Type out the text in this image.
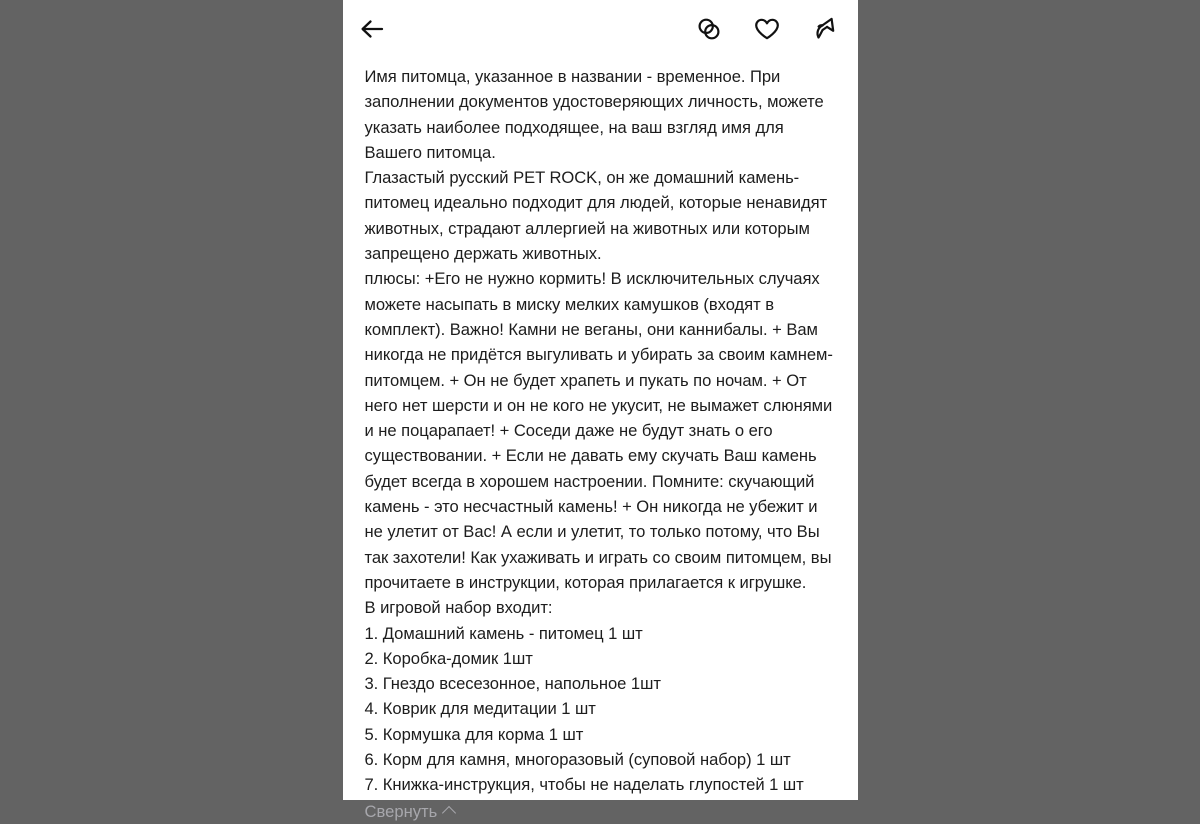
Имя питомца, указанное в названии - временное. При заполнении документов удостоверяющих личность, можете указать наиболее подходящее, на ваш взгляд имя для Вашего питомца.

Глазастый русский PET ROCK, он же домашний камень-питомец идеально подходит для людей, которые ненавидят животных, страдают аллергией на животных или которым запрещено держать животных.

плюсы: +Его не нужно кормить! В исключительных случаях можете насыпать в миску мелких камушков (входят в комплект). Важно! Камни не веганы, они каннибалы. + Вам никогда не придётся выгуливать и убирать за своим камнем-питомцем. + Он не будет храпеть и пукать по ночам. + От него нет шерсти и он не кого не укусит, не вымажет слюнями и не поцарапает! + Соседи даже не будут знать о его существовании. + Если не давать ему скучать Ваш камень будет всегда в хорошем настроении. Помните: скучающий камень - это несчастный камень! + Он никогда не убежит и не улетит от Вас! А если и улетит, то только потому, что Вы так захотели! Как ухаживать и играть со своим питомцем, вы прочитаете в инструкции, которая прилагается к игрушке.

В игровой набор входит:

1. Домашний камень - питомец 1 шт

2. Коробка-домик 1шт

3. Гнездо всесезонное, напольное 1шт

4. Коврик для медитации 1 шт

5. Кормушка для корма 1 шт

6. Корм для камня, многоразовый (суповой набор) 1 шт

7. Книжка-инструкция, чтобы не наделать глупостей 1 шт

Свернуть
